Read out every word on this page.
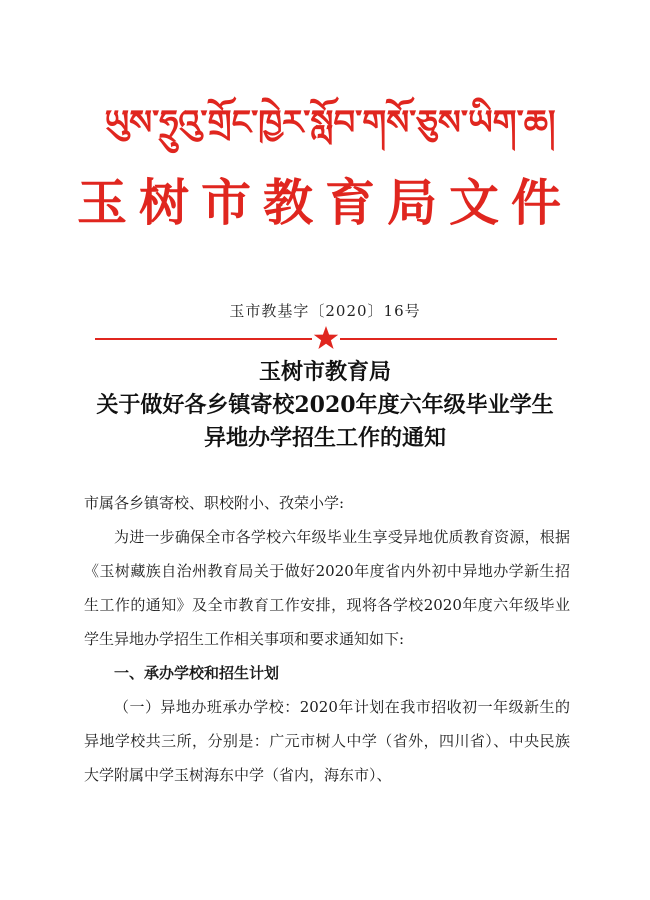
ཡུས་ཧྲུའུ་གྲོང་ཁྱེར་སློབ་གསོ་ཅུས་ཡིག་ཆ།
玉树市教育局文件
玉市教基字〔2020〕16号
玉树市教育局
关于做好各乡镇寄校2020年度六年级毕业学生
异地办学招生工作的通知

市属各乡镇寄校、职校附小、孜荣小学:

为进一步确保全市各学校六年级毕业生享受异地优质教育资源，根据《玉树藏族自治州教育局关于做好2020年度省内外初中异地办学新生招生工作的通知》及全市教育工作安排，现将各学校2020年度六年级毕业学生异地办学招生工作相关事项和要求通知如下:

一、承办学校和招生计划

（一）异地办班承办学校：2020年计划在我市招收初一年级新生的异地学校共三所，分别是：广元市树人中学（省外，四川省）、中央民族大学附属中学玉树海东中学（省内，海东市）、
